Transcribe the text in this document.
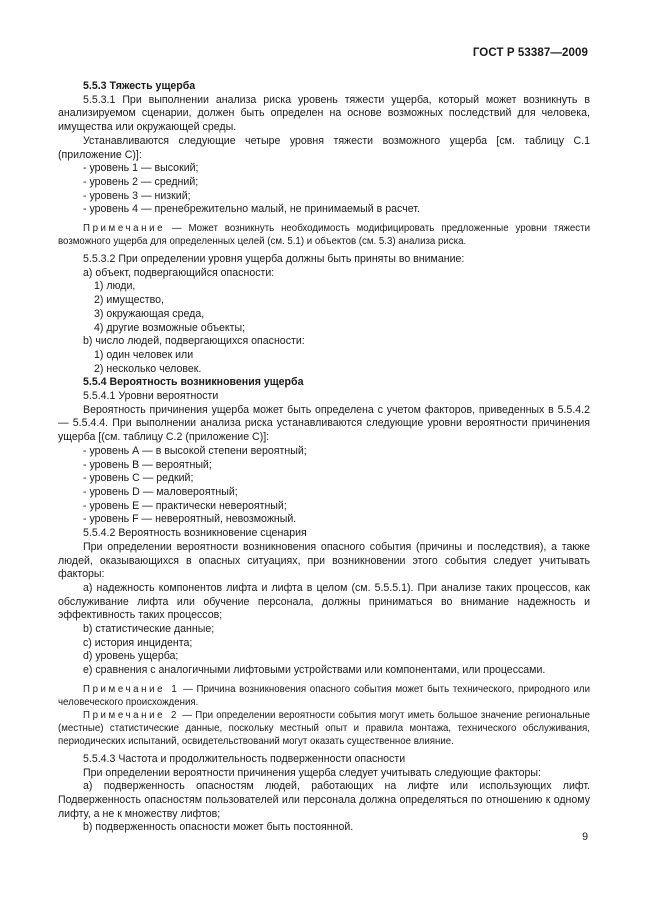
ГОСТ Р 53387—2009

5.5.3 Тяжесть ущерба

5.5.3.1 При выполнении анализа риска уровень тяжести ущерба, который может возникнуть в анализируемом сценарии, должен быть определен на основе возможных последствий для человека, имущества или окружающей среды.

Устанавливаются следующие четыре уровня тяжести возможного ущерба [см. таблицу С.1 (приложение С)]:

- уровень 1 — высокий;

- уровень 2 — средний;

- уровень 3 — низкий;

- уровень 4 — пренебрежительно малый, не принимаемый в расчет.

Примечание — Может возникнуть необходимость модифицировать предложенные уровни тяжести возможного ущерба для определенных целей (см. 5.1) и объектов (см. 5.3) анализа риска.

5.5.3.2 При определении уровня ущерба должны быть приняты во внимание:

а) объект, подвергающийся опасности:

1) люди,

2) имущество,

3) окружающая среда,

4) другие возможные объекты;

b) число людей, подвергающихся опасности:

1) один человек или

2) несколько человек.

5.5.4 Вероятность возникновения ущерба

5.5.4.1 Уровни вероятности

Вероятность причинения ущерба может быть определена с учетом факторов, приведенных в 5.5.4.2 — 5.5.4.4. При выполнении анализа риска устанавливаются следующие уровни вероятности причинения ущерба [(см. таблицу С.2 (приложение С)]:

- уровень А — в высокой степени вероятный;

- уровень В — вероятный;

- уровень С — редкий;

- уровень D — маловероятный;

- уровень E — практически невероятный;

- уровень F — невероятный, невозможный.

5.5.4.2 Вероятность возникновение сценария

При определении вероятности возникновения опасного события (причины и последствия), а также людей, оказывающихся в опасных ситуациях, при возникновении этого события следует учитывать факторы:

а) надежность компонентов лифта и лифта в целом (см. 5.5.5.1). При анализе таких процессов, как обслуживание лифта или обучение персонала, должны приниматься во внимание надежность и эффективность таких процессов;

b) статистические данные;

c) история инцидента;

d) уровень ущерба;

e) сравнения с аналогичными лифтовыми устройствами или компонентами, или процессами.

Примечание 1 — Причина возникновения опасного события может быть технического, природного или человеческого происхождения.

Примечание 2 — При определении вероятности события могут иметь большое значение региональные (местные) статистические данные, поскольку местный опыт и правила монтажа, технического обслуживания, периодических испытаний, освидетельствований могут оказать существенное влияние.

5.5.4.3 Частота и продолжительность подверженности опасности

При определении вероятности причинения ущерба следует учитывать следующие факторы:

а) подверженность опасностям людей, работающих на лифте или использующих лифт. Подверженность опасностям пользователей или персонала должна определяться по отношению к одному лифту, а не к множеству лифтов;

b) подверженность опасности может быть постоянной.

9
